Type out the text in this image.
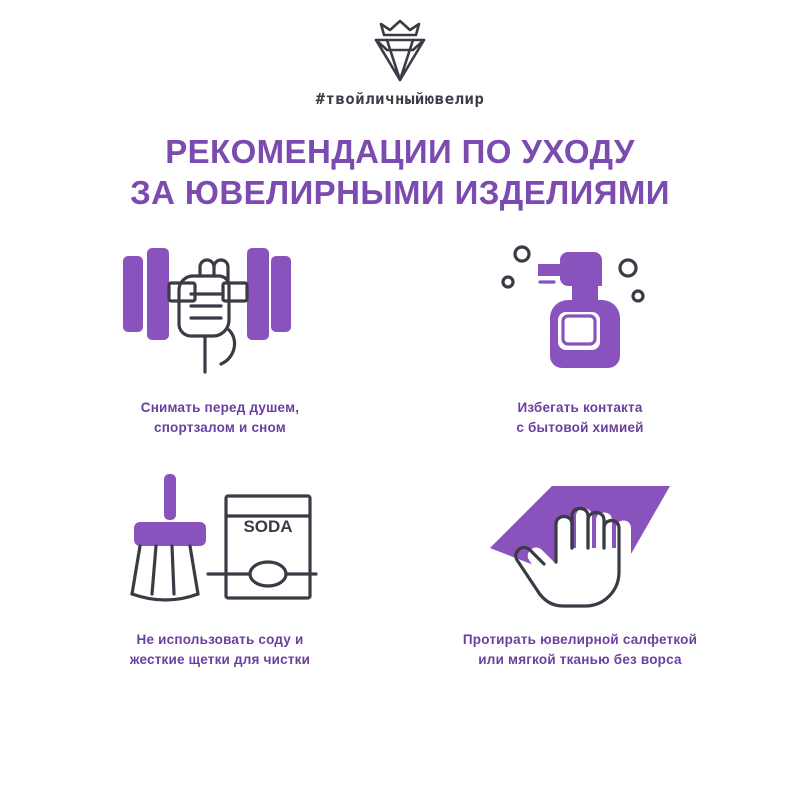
#твойличныйювелир
РЕКОМЕНДАЦИИ ПО УХОДУ
ЗА ЮВЕЛИРНЫМИ ИЗДЕЛИЯМИ
Снимать перед душем,
спортзалом и сном
Избегать контакта
с бытовой химией
SODA
Не использовать соду и
жесткие щетки для чистки
Протирать ювелирной салфеткой
или мягкой тканью без ворса
